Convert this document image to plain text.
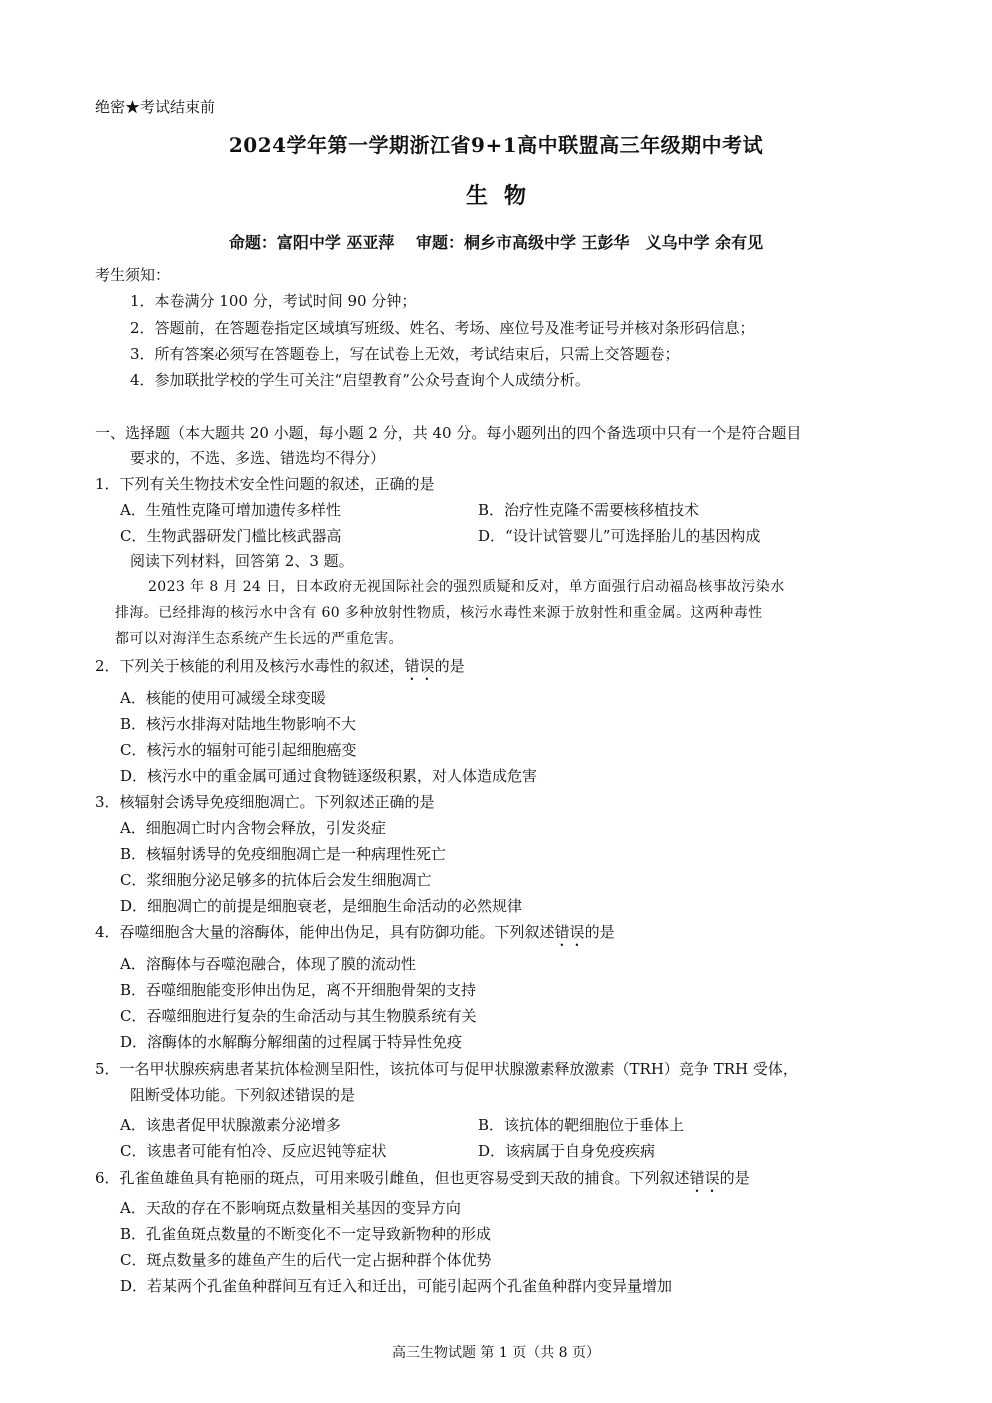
绝密★考试结束前
2024学年第一学期浙江省9+1高中联盟高三年级期中考试
生物
命题：富阳中学 巫亚萍　 审题：桐乡市高级中学 王彭华　义乌中学 余有见
考生须知：
1．本卷满分 100 分，考试时间 90 分钟；
2．答题前，在答题卷指定区域填写班级、姓名、考场、座位号及准考证号并核对条形码信息；
3．所有答案必须写在答题卷上，写在试卷上无效，考试结束后，只需上交答题卷；
4．参加联批学校的学生可关注“启望教育”公众号查询个人成绩分析。
一、选择题（本大题共 20 小题，每小题 2 分，共 40 分。每小题列出的四个备选项中只有一个是符合题目
要求的，不选、多选、错选均不得分）
1．下列有关生物技术安全性问题的叙述，正确的是
A．生殖性克隆可增加遗传多样性	B．治疗性克隆不需要核移植技术
C．生物武器研发门槛比核武器高	D．“设计试管婴儿”可选择胎儿的基因构成
阅读下列材料，回答第 2、3 题。
2023 年 8 月 24 日，日本政府无视国际社会的强烈质疑和反对，单方面强行启动福岛核事故污染水
排海。已经排海的核污水中含有 60 多种放射性物质，核污水毒性来源于放射性和重金属。这两种毒性
都可以对海洋生态系统产生长远的严重危害。
2．下列关于核能的利用及核污水毒性的叙述，错误的是
A．核能的使用可减缓全球变暖
B．核污水排海对陆地生物影响不大
C．核污水的辐射可能引起细胞癌变
D．核污水中的重金属可通过食物链逐级积累，对人体造成危害
3．核辐射会诱导免疫细胞凋亡。下列叙述正确的是
A．细胞凋亡时内含物会释放，引发炎症
B．核辐射诱导的免疫细胞凋亡是一种病理性死亡
C．浆细胞分泌足够多的抗体后会发生细胞凋亡
D．细胞凋亡的前提是细胞衰老，是细胞生命活动的必然规律
4．吞噬细胞含大量的溶酶体，能伸出伪足，具有防御功能。下列叙述错误的是
A．溶酶体与吞噬泡融合，体现了膜的流动性
B．吞噬细胞能变形伸出伪足，离不开细胞骨架的支持
C．吞噬细胞进行复杂的生命活动与其生物膜系统有关
D．溶酶体的水解酶分解细菌的过程属于特异性免疫
5．一名甲状腺疾病患者某抗体检测呈阳性，该抗体可与促甲状腺激素释放激素（TRH）竞争 TRH 受体，
阻断受体功能。下列叙述错误的是
A．该患者促甲状腺激素分泌增多	B．该抗体的靶细胞位于垂体上
C．该患者可能有怕冷、反应迟钝等症状	D．该病属于自身免疫疾病
6．孔雀鱼雄鱼具有艳丽的斑点，可用来吸引雌鱼，但也更容易受到天敌的捕食。下列叙述错误的是
A．天敌的存在不影响斑点数量相关基因的变异方向
B．孔雀鱼斑点数量的不断变化不一定导致新物种的形成
C．斑点数量多的雄鱼产生的后代一定占据种群个体优势
D．若某两个孔雀鱼种群间互有迁入和迁出，可能引起两个孔雀鱼种群内变异量增加
高三生物试题 第 1 页（共 8 页）
